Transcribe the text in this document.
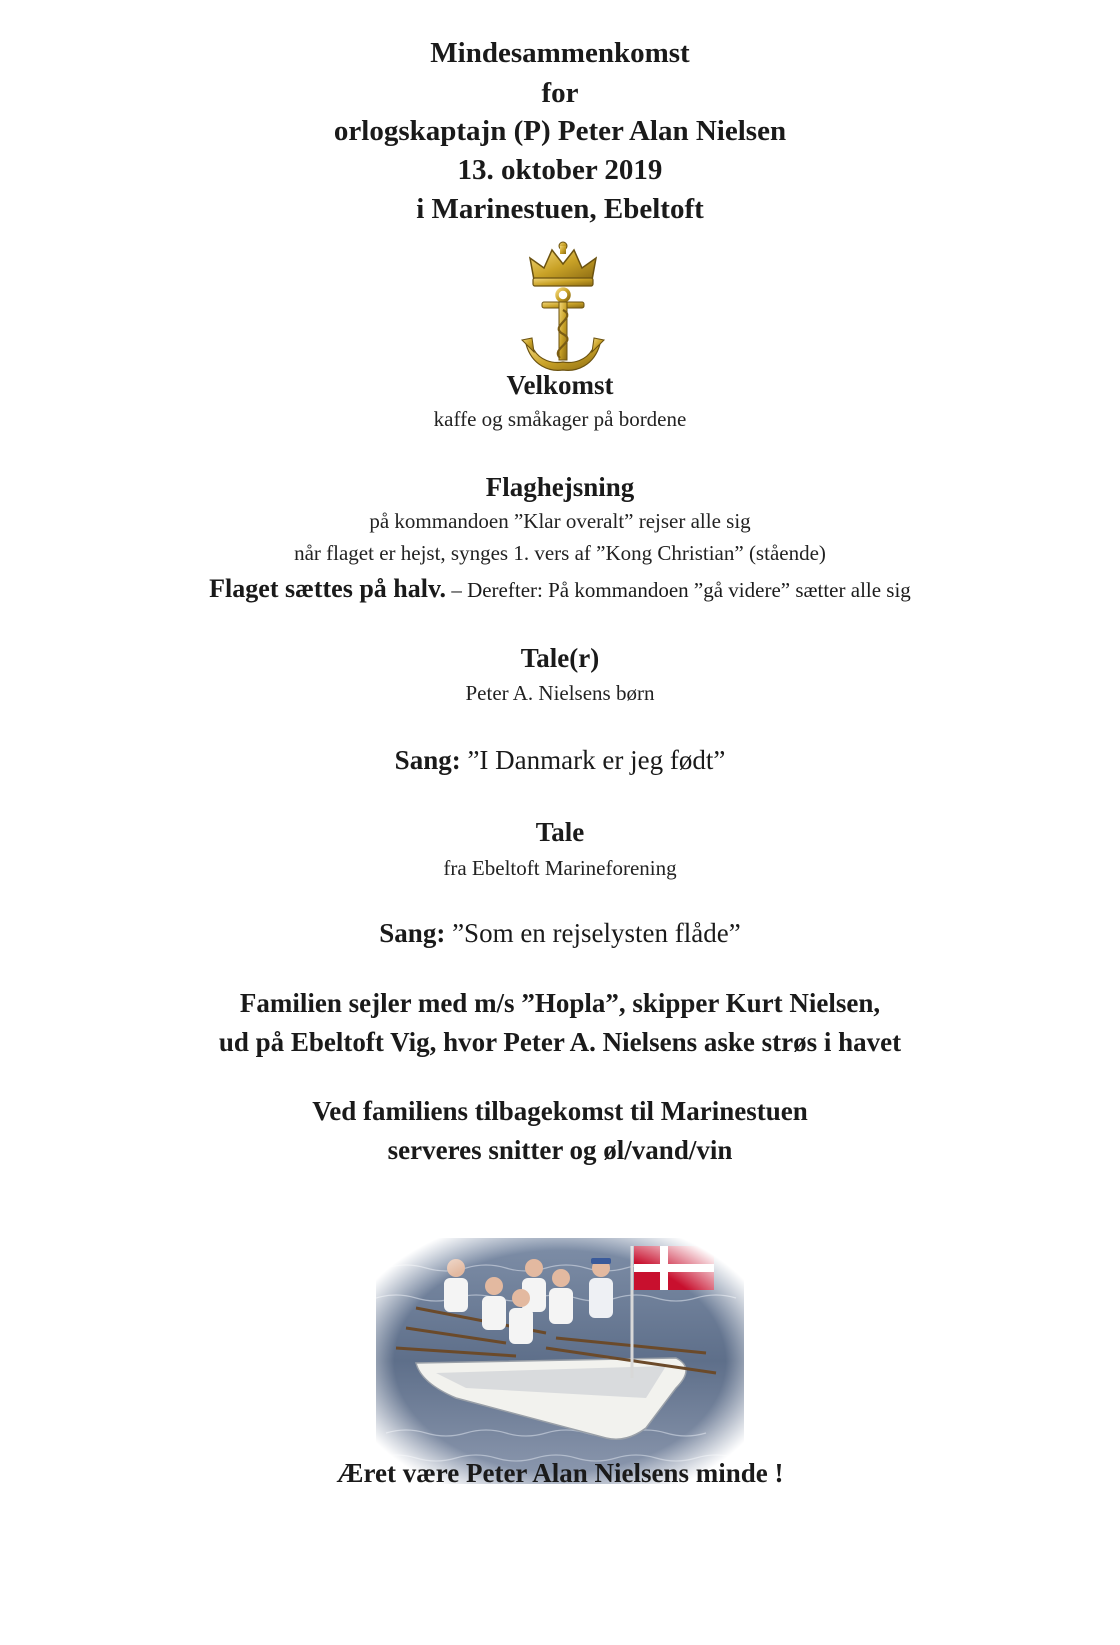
Mindesammenkomst
for
orlogskaptajn (P) Peter Alan Nielsen
13. oktober 2019
i Marinestuen, Ebeltoft
Velkomst
kaffe og småkager på bordene
Flaghejsning
på kommandoen ”Klar overalt” rejser alle sig
når flaget er hejst, synges 1. vers af ”Kong Christian” (stående)
Flaget sættes på halv. – Derefter: På kommandoen ”gå videre” sætter alle sig
Tale(r)
Peter A. Nielsens børn
Sang: ”I Danmark er jeg født”
Tale
fra Ebeltoft Marineforening
Sang: ”Som en rejselysten flåde”
Familien sejler med m/s ”Hopla”, skipper Kurt Nielsen,
ud på Ebeltoft Vig, hvor Peter A. Nielsens aske strøs i havet
Ved familiens tilbagekomst til Marinestuen
serveres snitter og øl/vand/vin
Æret være Peter Alan Nielsens minde !
